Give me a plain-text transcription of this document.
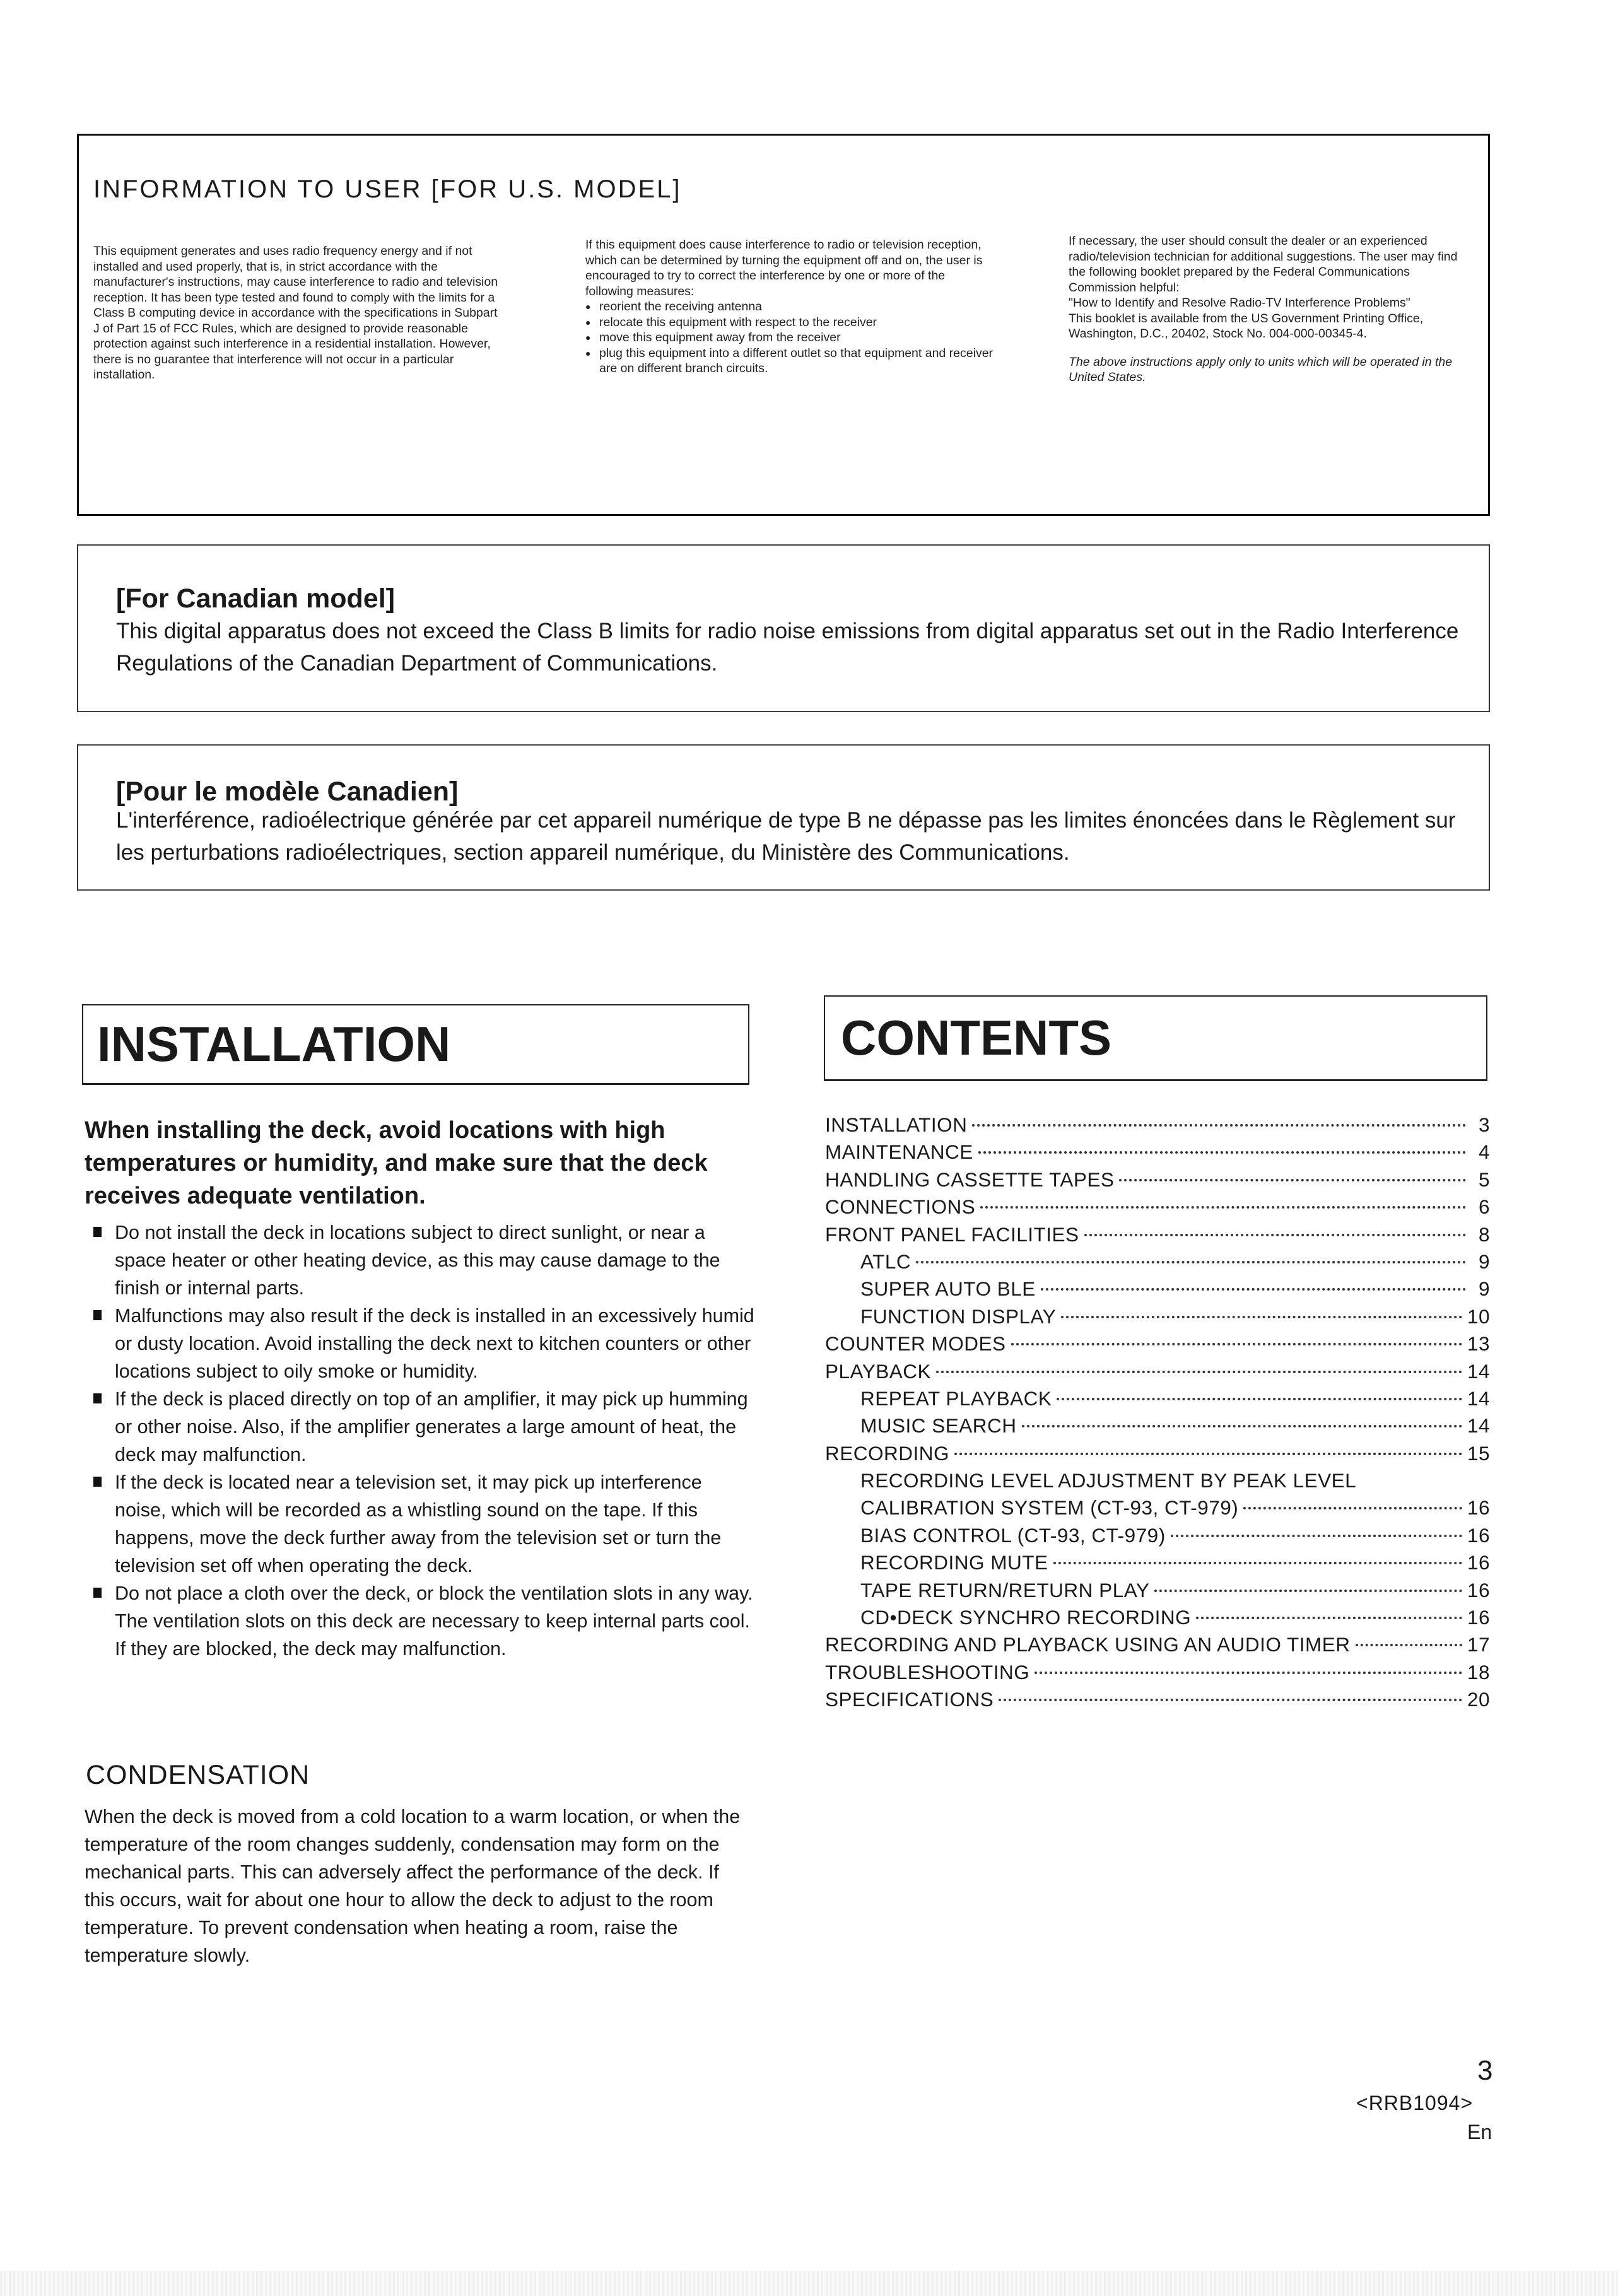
INFORMATION TO USER [FOR U.S. MODEL]

This equipment generates and uses radio frequency energy and if not installed and used properly, that is, in strict accordance with the manufacturer's instructions, may cause interference to radio and television reception. It has been type tested and found to comply with the limits for a Class B computing device in accordance with the specifications in Subpart J of Part 15 of FCC Rules, which are designed to provide reasonable protection against such interference in a residential installation. However, there is no guarantee that interference will not occur in a particular installation.

If this equipment does cause interference to radio or television reception, which can be determined by turning the equipment off and on, the user is encouraged to try to correct the interference by one or more of the following measures:

● reorient the receiving antenna
● relocate this equipment with respect to the receiver
● move this equipment away from the receiver
● plug this equipment into a different outlet so that equipment and receiver are on different branch circuits.

If necessary, the user should consult the dealer or an experienced radio/television technician for additional suggestions. The user may find the following booklet prepared by the Federal Communications Commission helpful:

"How to Identify and Resolve Radio-TV Interference Problems"

This booklet is available from the US Government Printing Office, Washington, D.C., 20402, Stock No. 004-000-00345-4.

The above instructions apply only to units which will be operated in the United States.

[For Canadian model]
This digital apparatus does not exceed the Class B limits for radio noise emissions from digital apparatus set out in the Radio Interference Regulations of the Canadian Department of Communications.
[Pour le modèle Canadien]
L'interférence, radioélectrique générée par cet appareil numérique de type B ne dépasse pas les limites énoncées dans le Règlement sur les perturbations radioélectriques, section appareil numérique, du Ministère des Communications.
INSTALLATION
When installing the deck, avoid locations with high temperatures or humidity, and make sure that the deck receives adequate ventilation.
Do not install the deck in locations subject to direct sunlight, or near a space heater or other heating device, as this may cause damage to the finish or internal parts.
Malfunctions may also result if the deck is installed in an excessively humid or dusty location. Avoid installing the deck next to kitchen counters or other locations subject to oily smoke or humidity.
If the deck is placed directly on top of an amplifier, it may pick up humming or other noise. Also, if the amplifier generates a large amount of heat, the deck may malfunction.
If the deck is located near a television set, it may pick up interference noise, which will be recorded as a whistling sound on the tape. If this happens, move the deck further away from the television set or turn the television set off when operating the deck.
Do not place a cloth over the deck, or block the ventilation slots in any way. The ventilation slots on this deck are necessary to keep internal parts cool. If they are blocked, the deck may malfunction.
CONDENSATION
When the deck is moved from a cold location to a warm location, or when the temperature of the room changes suddenly, condensation may form on the mechanical parts. This can adversely affect the performance of the deck. If this occurs, wait for about one hour to allow the deck to adjust to the room temperature. To prevent condensation when heating a room, raise the temperature slowly.
CONTENTS
INSTALLATION	3
MAINTENANCE	4
HANDLING CASSETTE TAPES	5
CONNECTIONS	6
FRONT PANEL FACILITIES	8
ATLC	9
SUPER AUTO BLE	9
FUNCTION DISPLAY	10
COUNTER MODES	13
PLAYBACK	14
REPEAT PLAYBACK	14
MUSIC SEARCH	14
RECORDING	15
RECORDING LEVEL ADJUSTMENT BY PEAK LEVEL
CALIBRATION SYSTEM (CT-93, CT-979)	16
BIAS CONTROL (CT-93, CT-979)	16
RECORDING MUTE	16
TAPE RETURN/RETURN PLAY	16
CD•DECK SYNCHRO RECORDING	16
RECORDING AND PLAYBACK USING AN AUDIO TIMER	17
TROUBLESHOOTING	18
SPECIFICATIONS	20
3
<RRB1094>
En
